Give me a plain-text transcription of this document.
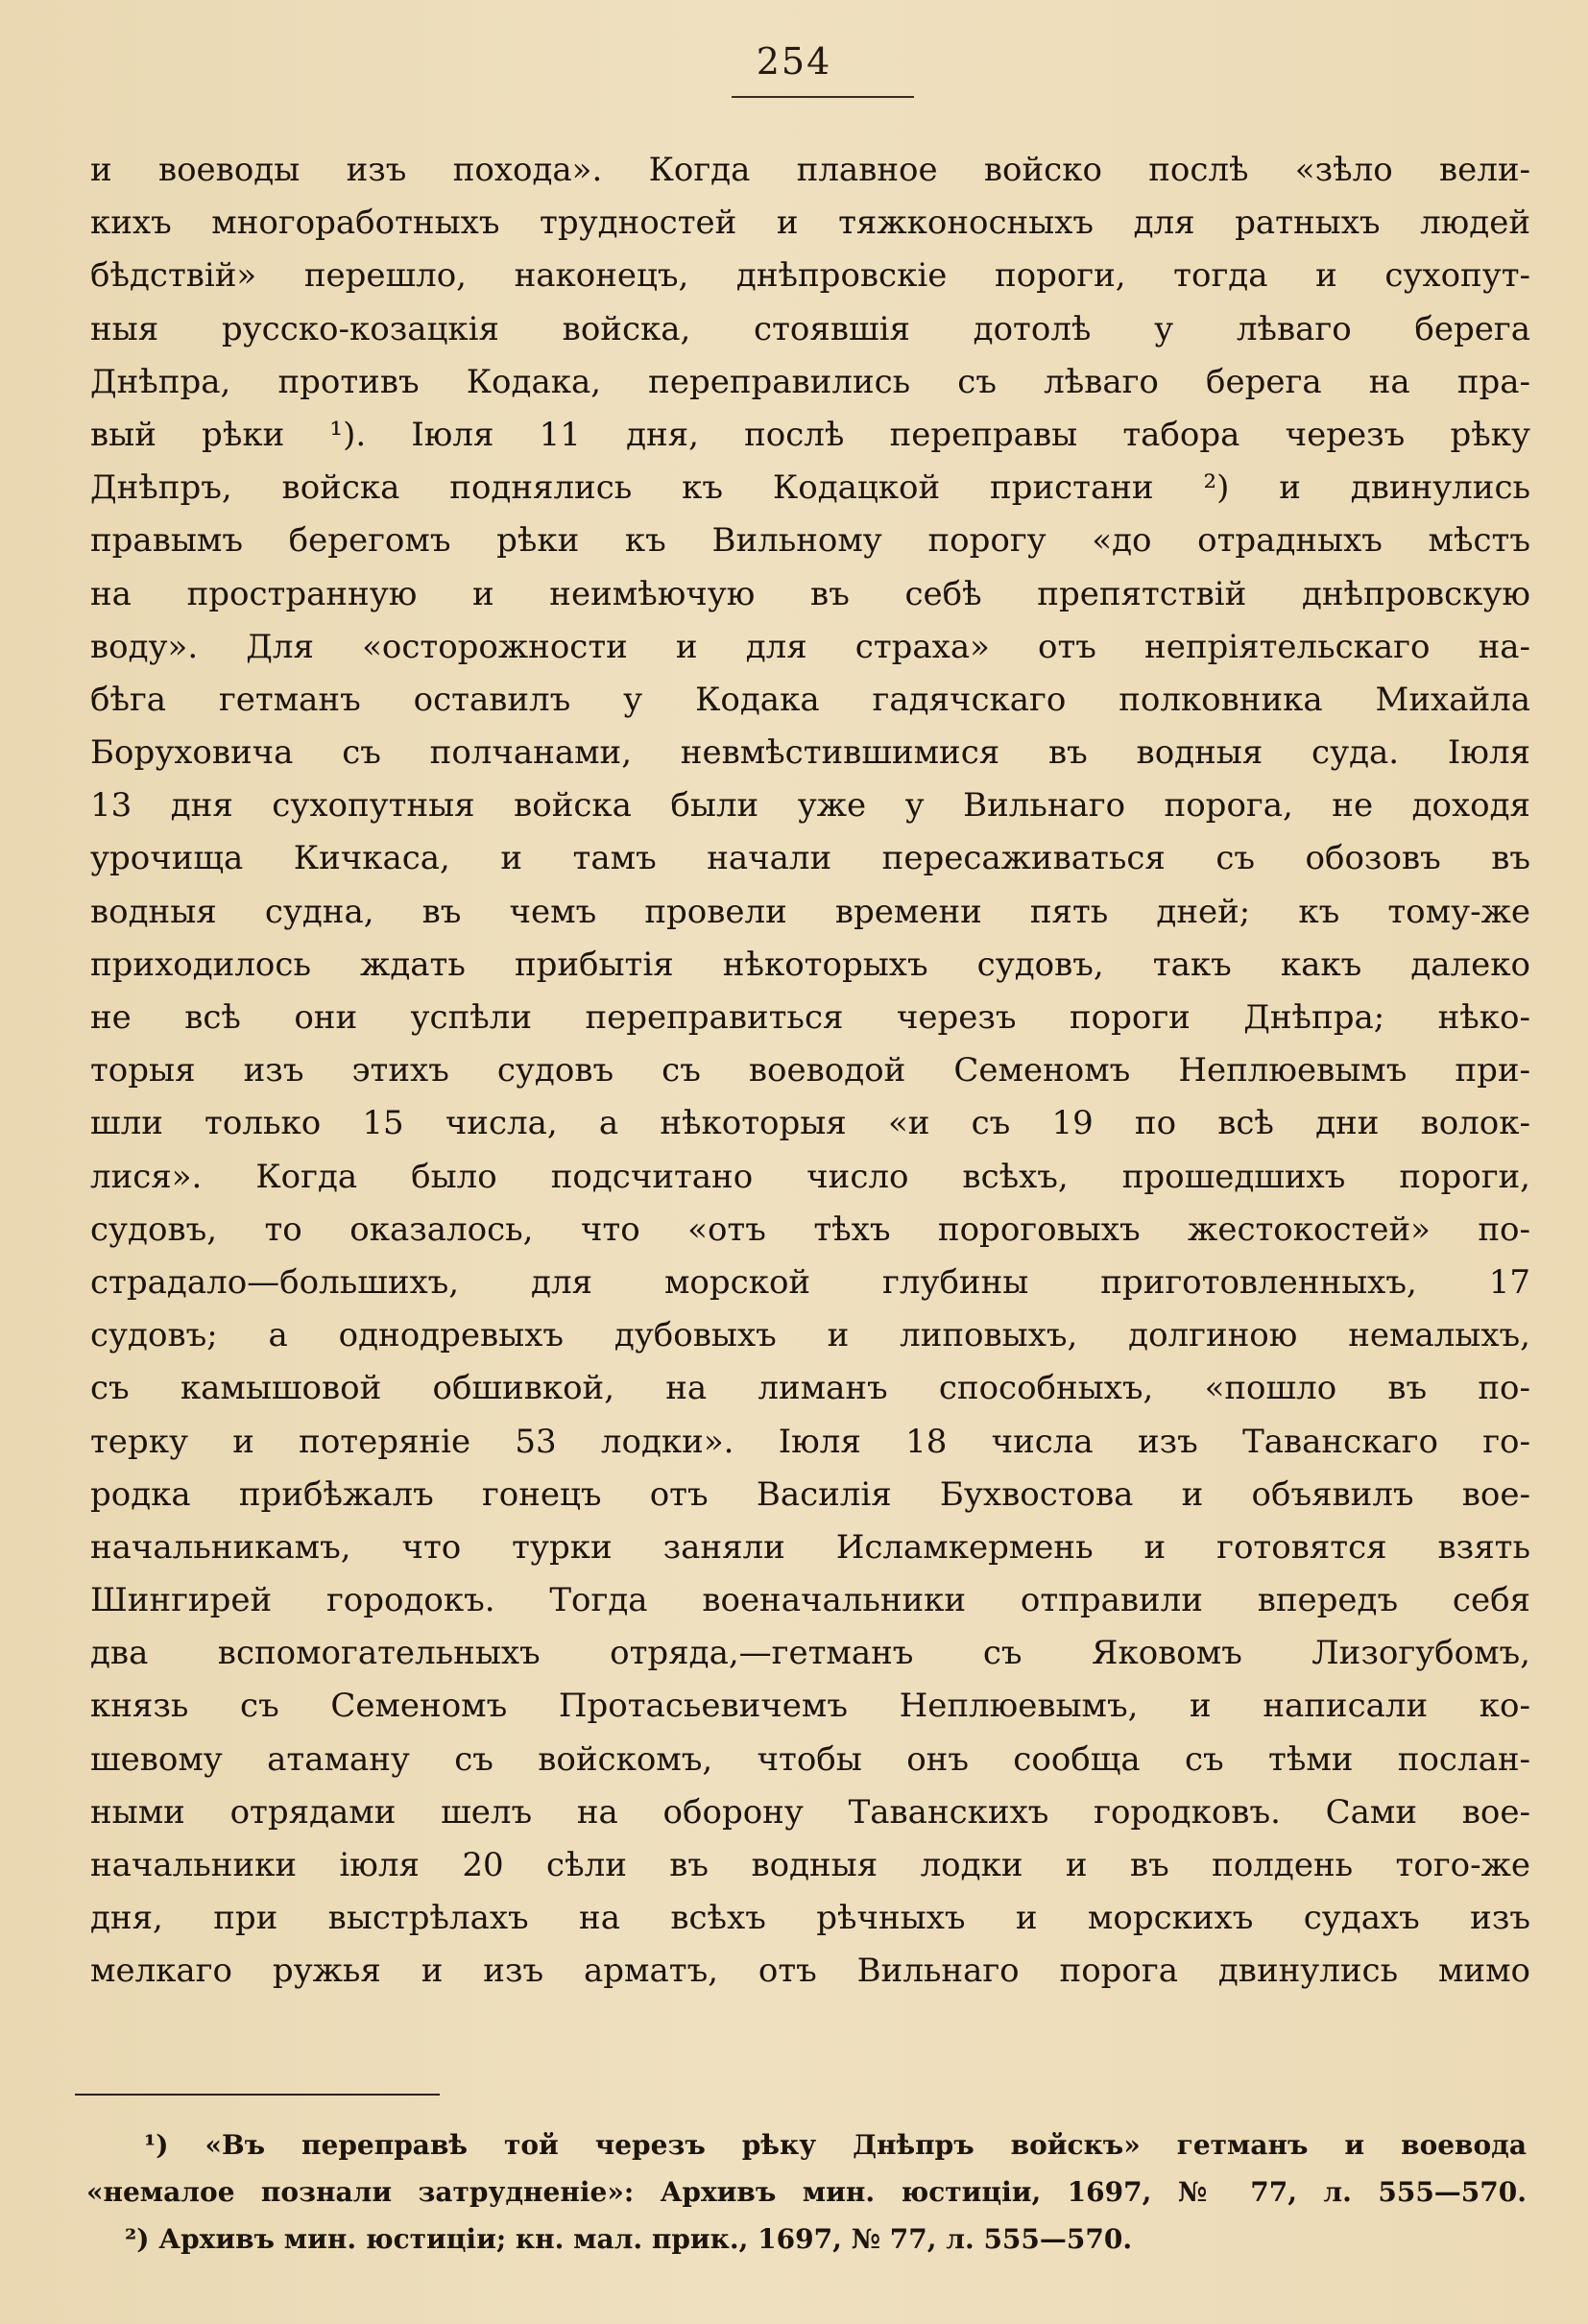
254
и воеводы изъ похода». Когда плавное войско послѣ «зѣло вели-
кихъ многоработныхъ трудностей и тяжконосныхъ для ратныхъ людей
бѣдствій» перешло, наконецъ, днѣпровскіе пороги, тогда и сухопут-
ныя русско-козацкія войска, стоявшія дотолѣ у лѣваго берега
Днѣпра, противъ Кодака, переправились съ лѣваго берега на пра-
вый рѣки ¹). Іюля 11 дня, послѣ переправы табора черезъ рѣку
Днѣпръ, войска поднялись къ Кодацкой пристани ²) и двинулись
правымъ берегомъ рѣки къ Вильному порогу «до отрадныхъ мѣстъ
на пространную и неимѣючую въ себѣ препятствій днѣпровскую
воду». Для «осторожности и для страха» отъ непріятельскаго на-
бѣга гетманъ оставилъ у Кодака гадячскаго полковника Михайла
Боруховича съ полчанами, невмѣстившимися въ водныя суда. Іюля
13 дня сухопутныя войска были уже у Вильнаго порога, не доходя
урочища Кичкаса, и тамъ начали пересаживаться съ обозовъ въ
водныя судна, въ чемъ провели времени пять дней; къ тому-же
приходилось ждать прибытія нѣкоторыхъ судовъ, такъ какъ далеко
не всѣ они успѣли переправиться черезъ пороги Днѣпра; нѣко-
торыя изъ этихъ судовъ съ воеводой Семеномъ Неплюевымъ при-
шли только 15 числа, а нѣкоторыя «и съ 19 по всѣ дни волок-
лися». Когда было подсчитано число всѣхъ, прошедшихъ пороги,
судовъ, то оказалось, что «отъ тѣхъ пороговыхъ жестокостей» по-
страдало—большихъ, для морской глубины приготовленныхъ, 17
судовъ; а однодревыхъ дубовыхъ и липовыхъ, долгиною немалыхъ,
съ камышовой обшивкой, на лиманъ способныхъ, «пошло въ по-
терку и потеряніе 53 лодки». Іюля 18 числа изъ Таванскаго го-
родка прибѣжалъ гонецъ отъ Василія Бухвостова и объявилъ вое-
начальникамъ, что турки заняли Исламкермень и готовятся взять
Шингирей городокъ. Тогда военачальники отправили впередъ себя
два вспомогательныхъ отряда,—гетманъ съ Яковомъ Лизогубомъ,
князь съ Семеномъ Протасьевичемъ Неплюевымъ, и написали ко-
шевому атаману съ войскомъ, чтобы онъ сообща съ тѣми послан-
ными отрядами шелъ на оборону Таванскихъ городковъ. Сами вое-
начальники іюля 20 сѣли въ водныя лодки и въ полдень того-же
дня, при выстрѣлахъ на всѣхъ рѣчныхъ и морскихъ судахъ изъ
мелкаго ружья и изъ арматъ, отъ Вильнаго порога двинулись мимо
¹) «Въ переправѣ той черезъ рѣку Днѣпръ войскъ» гетманъ и воевода
«немалое познали затрудненіе»: Архивъ мин. юстиціи, 1697, № 77, л. 555—570.
²) Архивъ мин. юстиціи; кн. мал. прик., 1697, № 77, л. 555—570.
